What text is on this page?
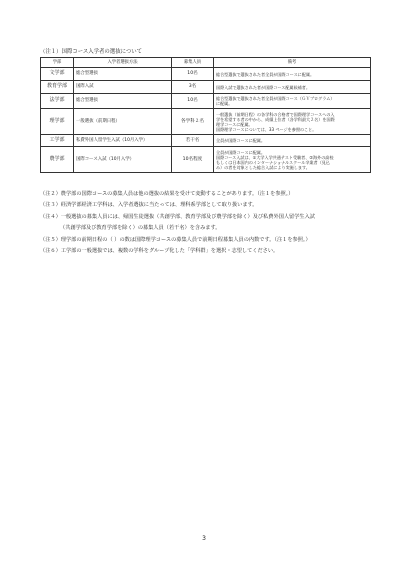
（注１）国際コース入学者の選抜について
学部	入学者選抜方法	募集人員	備考
文学部	総合型選抜	10名	総合型選抜で選抜された者全員が国際コースに配属。

教育学部	国際入試	3名	国際入試で選抜された者が国際コース配属候補者。

法学部	総合型選抜	10名	総合型選抜で選抜された者全員が国際コース（ＧＶプログラム）
に配属。

理学部	一般選抜（前期日程）	各学科２名	一般選抜（前期日程）の各学科の合格者で国際理学コースへの入
学を希望する者の中から、成績上位者（各学科最大２名）を国際
理学コースに配属。
国際理学コースについては、33 ページを参照のこと。

工学部	私費外国人留学生入試（10月入学）	若干名	全員が国際コースに配属。

農学部	国際コース入試（10月入学）	10名程度	全員が国際コースに配属。
国際コース入試は、①大学入学共通テスト受験者、②海外の高校
もしくは日本国内のインターナショナルスクール卒業者（見込
み）の者を対象とした総合入試により実施します。
（注２）農学部の国際コースの募集人員は他の選抜の結果を受けて変動することがあります。（注１を参照。）
（注３）経済学部経済工学科は、入学者選抜に当たっては、理科系学部として取り扱います。
（注４）一般選抜の募集人員には、帰国生徒選抜（共創学部、教育学部及び農学部を除く）及び私費外国人留学生入試
（共創学部及び教育学部を除く）の募集人員（若干名）を含みます。
（注５）理学部の前期日程の（ ）の数は国際理学コースの募集人員で前期日程募集人員の内数です。（注１を参照。）
（注６）工学部の一般選抜では、複数の学科をグループ化した「学科群」を選択・志望してください。
3
